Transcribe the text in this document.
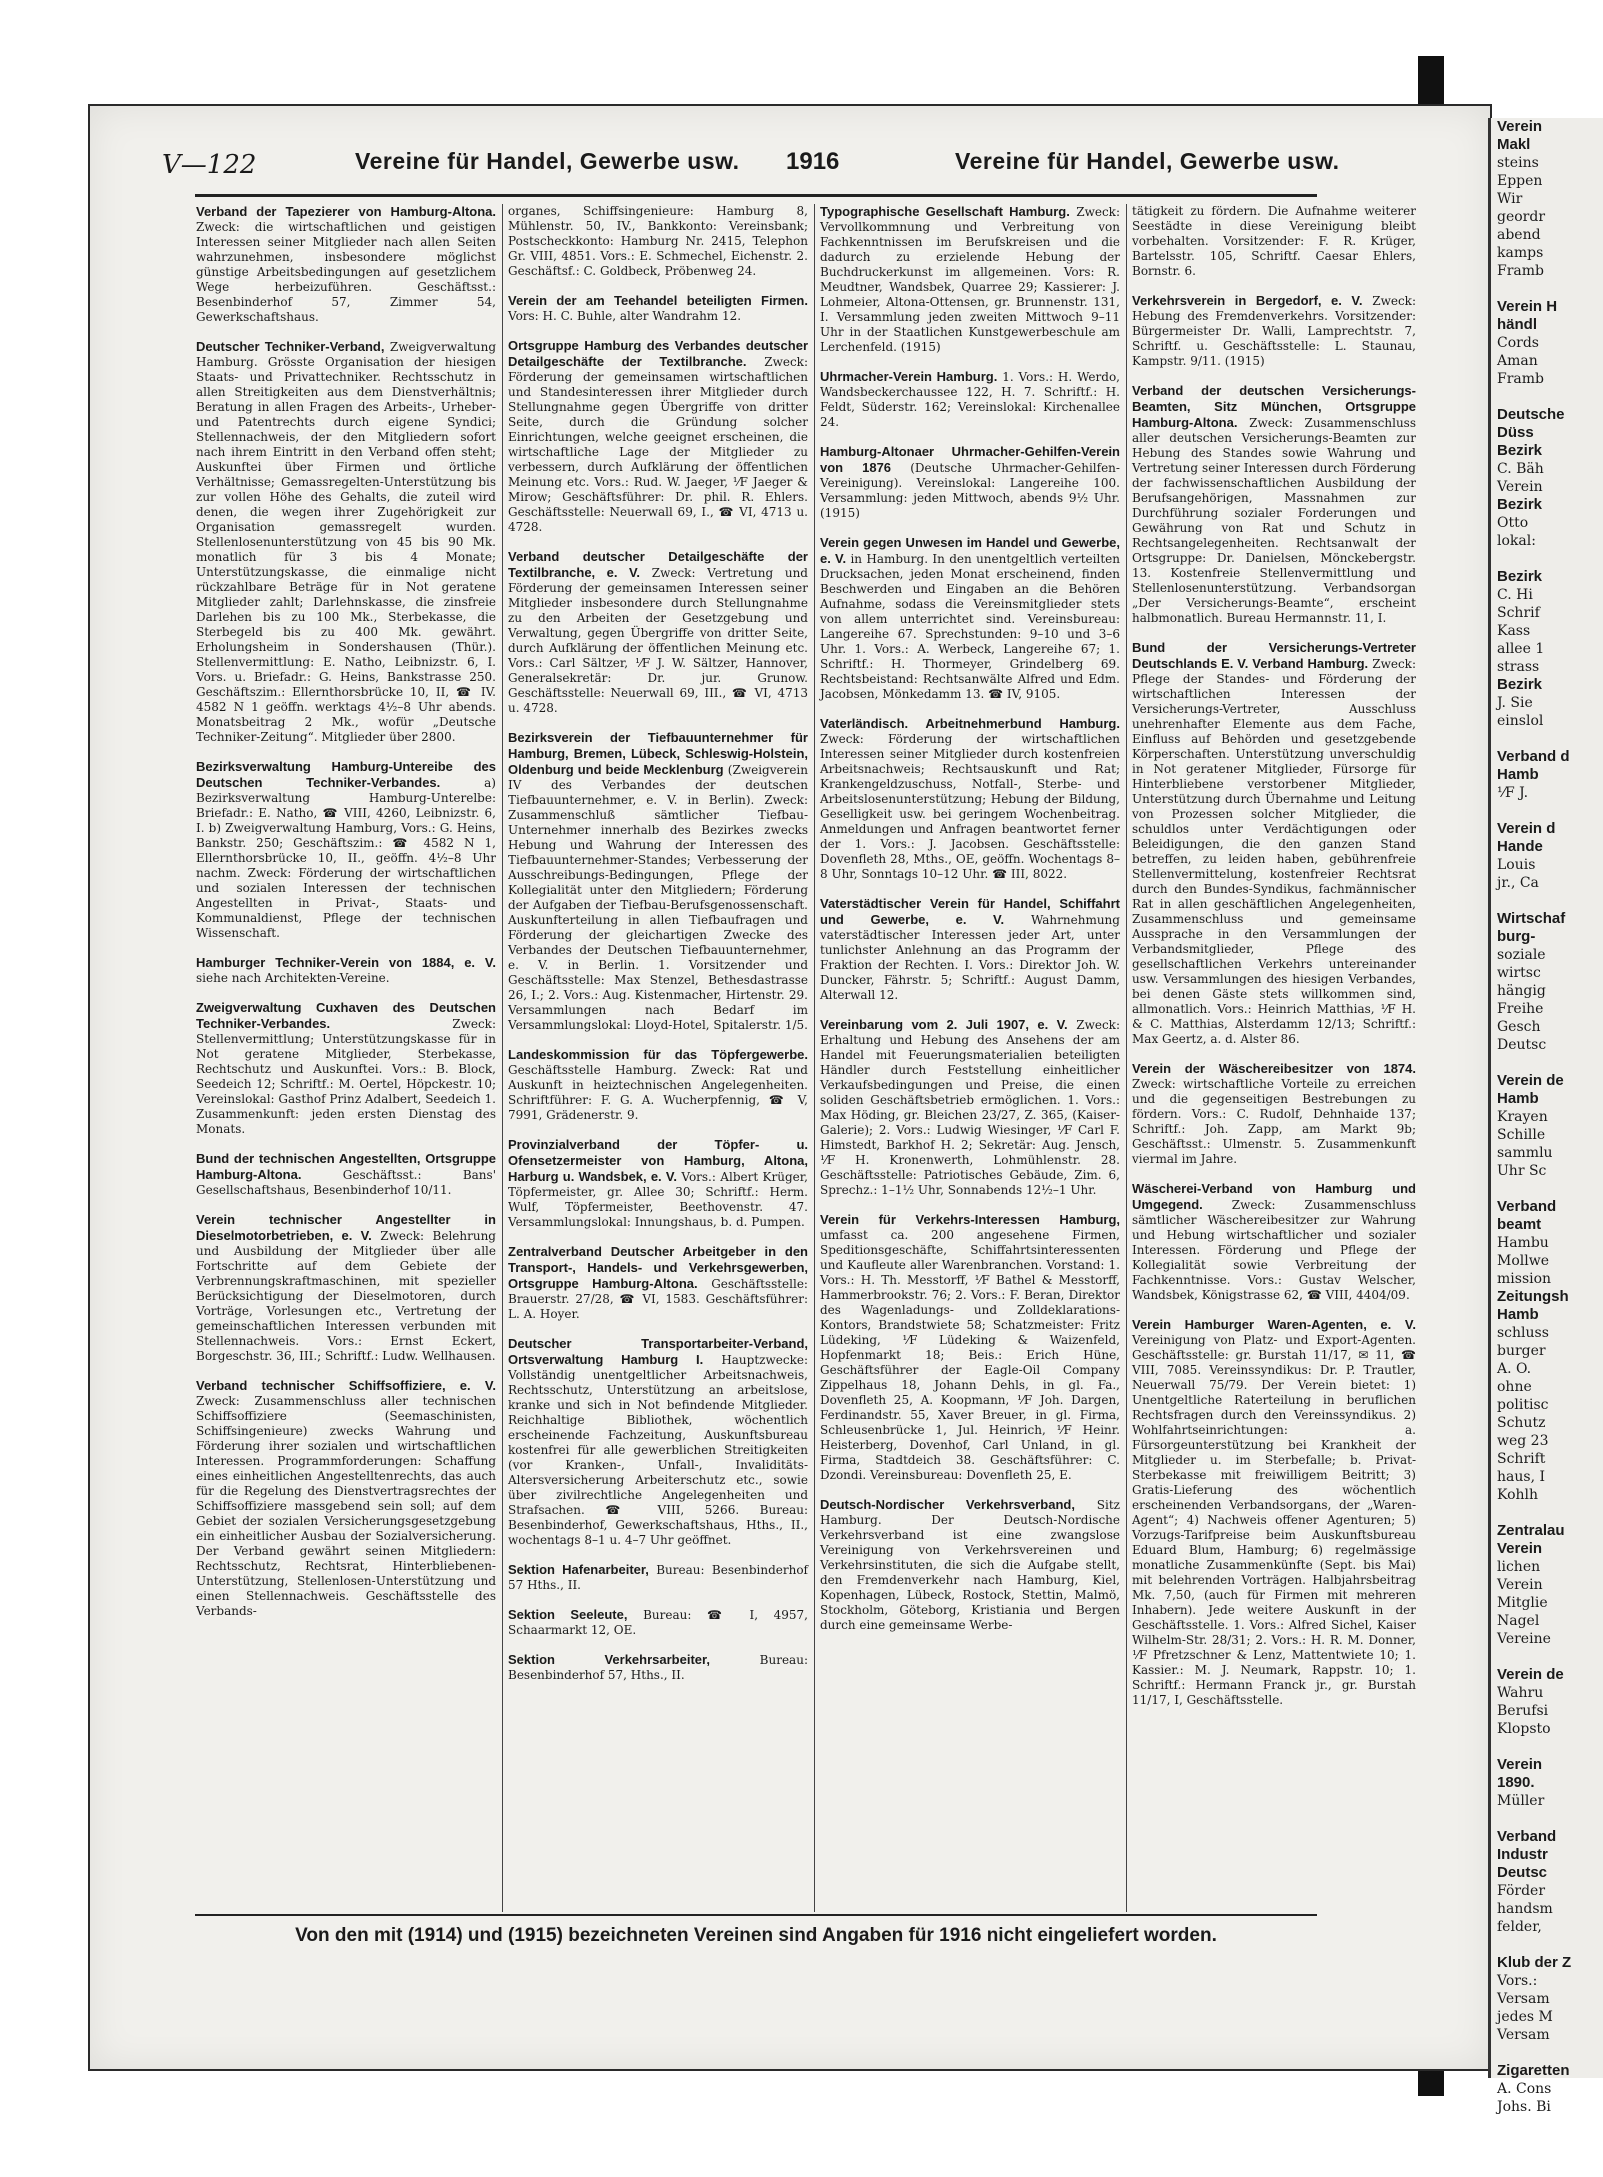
V—122	Vereine für Handel, Gewerbe usw. 1916	Vereine für Handel, Gewerbe usw.

Verband der Tapezierer von Hamburg-Altona. Zweck: die wirtschaftlichen und geistigen Interessen seiner Mitglieder nach allen Seiten wahrzunehmen, insbesondere möglichst günstige Arbeitsbedingungen auf gesetzlichem Wege herbeizuführen. Geschäftsst.: Besenbinderhof 57, Zimmer 54, Gewerkschaftshaus.

Deutscher Techniker-Verband, Zweigverwaltung Hamburg. Grösste Organisation der hiesigen Staats- und Privattechniker. Rechtsschutz in allen Streitigkeiten aus dem Dienstverhältnis; Beratung in allen Fragen des Arbeits-, Urheber- und Patentrechts durch eigene Syndici; Stellennachweis, der den Mitgliedern sofort nach ihrem Eintritt in den Verband offen steht; Auskunftei über Firmen und örtliche Verhältnisse; Gemassregelten-Unterstützung bis zur vollen Höhe des Gehalts, die zuteil wird denen, die wegen ihrer Zugehörigkeit zur Organisation gemassregelt wurden. Stellenlosenunterstützung von 45 bis 90 Mk. monatlich für 3 bis 4 Monate; Unterstützungskasse, die einmalige nicht rückzahlbare Beträge für in Not geratene Mitglieder zahlt; Darlehnskasse, die zinsfreie Darlehen bis zu 100 Mk., Sterbekasse, die Sterbegeld bis zu 400 Mk. gewährt. Erholungsheim in Sondershausen (Thür.). Stellenvermittlung: E. Natho, Leibnizstr. 6, I. Vors. u. Briefadr.: G. Heins, Bankstrasse 250. Geschäftszim.: Ellernthorsbrücke 10, II, ☎ IV. 4582 N 1 geöffn. werktags 4½–8 Uhr abends. Monatsbeitrag 2 Mk., wofür „Deutsche Techniker-Zeitung“. Mitglieder über 2800.

Bezirksverwaltung Hamburg-Untereibe des Deutschen Techniker-Verbandes.	a) Bezirksverwaltung Hamburg-Unterelbe: Briefadr.: E. Natho, ☎ VIII, 4260, Leibnizstr. 6, I. b) Zweigverwaltung Hamburg, Vors.: G. Heins, Bankstr. 250; Geschäftszim.: ☎ 4582 N 1, Ellernthorsbrücke 10, II., geöffn. 4½–8 Uhr nachm. Zweck: Förderung der wirtschaftlichen und sozialen Interessen der technischen Angestellten in Privat-, Staats- und Kommunaldienst, Pflege der technischen Wissenschaft.

Hamburger Techniker-Verein von 1884, e. V. siehe nach Architekten-Vereine.

Zweigverwaltung Cuxhaven des Deutschen Techniker-Verbandes.	Zweck: Stellenvermittlung; Unterstützungskasse für in Not geratene Mitglieder, Sterbekasse, Rechtschutz und Auskunftei. Vors.: B. Block, Seedeich 12; Schriftf.: M. Oertel, Höpckestr. 10; Vereinslokal: Gasthof Prinz Adalbert, Seedeich 1. Zusammenkunft: jeden ersten Dienstag des Monats.

Bund der technischen Angestellten, Ortsgruppe Hamburg-Altona.	Geschäftsst.: Bans' Gesellschaftshaus, Besenbinderhof 10/11.

Verein technischer Angestellter in Dieselmotorbetrieben, e. V. Zweck: Belehrung und Ausbildung der Mitglieder über alle Fortschritte auf dem Gebiete der Verbrennungskraftmaschinen, mit spezieller Berücksichtigung der Dieselmotoren, durch Vorträge, Vorlesungen etc., Vertretung der gemeinschaftlichen Interessen verbunden mit Stellennachweis. Vors.: Ernst Eckert, Borgeschstr. 36, III.; Schriftf.: Ludw. Wellhausen.

Verband technischer Schiffsoffiziere, e. V. Zweck: Zusammenschluss aller technischen Schiffsoffiziere (Seemaschinisten, Schiffsingenieure) zwecks Wahrung und Förderung ihrer sozialen und wirtschaftlichen Interessen. Programmforderungen: Schaffung eines einheitlichen Angestelltenrechts, das auch für die Regelung des Dienstvertragsrechtes der Schiffsoffiziere massgebend sein soll; auf dem Gebiet der sozialen Versicherungsgesetzgebung ein einheitlicher Ausbau der Sozialversicherung. Der Verband gewährt seinen Mitgliedern: Rechtsschutz, Rechtsrat, Hinterbliebenen-Unterstützung, Stellenlosen-Unterstützung und einen Stellennachweis. Geschäftsstelle des Verbands-

organes, Schiffsingenieure: Hamburg 8, Mühlenstr. 50, IV., Bankkonto: Vereinsbank; Postscheckkonto: Hamburg Nr. 2415, Telephon Gr. VIII, 4851. Vors.: E. Schmechel, Eichenstr. 2. Geschäftsf.: C. Goldbeck, Pröbenweg 24.

Verein der am Teehandel beteiligten Firmen. Vors: H. C. Buhle, alter Wandrahm 12.

Ortsgruppe Hamburg des Verbandes deutscher Detailgeschäfte der Textilbranche. Zweck: Förderung der gemeinsamen wirtschaftlichen und Standesinteressen ihrer Mitglieder durch Stellungnahme gegen Übergriffe von dritter Seite, durch die Gründung solcher Einrichtungen, welche geeignet erscheinen, die wirtschaftliche Lage der Mitglieder zu verbessern, durch Aufklärung der öffentlichen Meinung etc. Vors.: Rud. W. Jaeger, ⅟F Jaeger & Mirow; Geschäftsführer: Dr. phil. R. Ehlers. Geschäftsstelle: Neuerwall 69, I., ☎ VI, 4713 u. 4728.

Verband deutscher Detailgeschäfte der Textilbranche, e. V. Zweck: Vertretung und Förderung der gemeinsamen Interessen seiner Mitglieder insbesondere durch Stellungnahme zu den Arbeiten der Gesetzgebung und Verwaltung, gegen Übergriffe von dritter Seite, durch Aufklärung der öffentlichen Meinung etc. Vors.: Carl Sältzer, ⅟F J. W. Sältzer, Hannover, Generalsekretär: Dr. jur. Grunow. Geschäftsstelle: Neuerwall 69, III., ☎ VI, 4713 u. 4728.

Bezirksverein der Tiefbauunternehmer für Hamburg, Bremen, Lübeck, Schleswig-Holstein, Oldenburg und beide Mecklenburg (Zweigverein IV des Verbandes der deutschen Tiefbauunternehmer, e. V. in Berlin). Zweck: Zusammenschluß sämtlicher Tiefbau-Unternehmer innerhalb des Bezirkes zwecks Hebung und Wahrung der Interessen des Tiefbauunternehmer-Standes; Verbesserung der Ausschreibungs-Bedingungen, Pflege der Kollegialität unter den Mitgliedern; Förderung der Aufgaben der Tiefbau-Berufsgenossenschaft. Auskunfterteilung in allen Tiefbaufragen und Förderung der gleichartigen Zwecke des Verbandes der Deutschen Tiefbauunternehmer, e. V. in Berlin. 1. Vorsitzender und Geschäftsstelle: Max Stenzel, Bethesdastrasse 26, I.; 2. Vors.: Aug. Kistenmacher, Hirtenstr. 29. Versammlungen nach Bedarf im Versammlungslokal: Lloyd-Hotel, Spitalerstr. 1/5.

Landeskommission für das Töpfergewerbe. Geschäftsstelle Hamburg. Zweck: Rat und Auskunft in heiztechnischen Angelegenheiten. Schriftführer: F. G. A. Wucherpfennig, ☎ V, 7991, Grädenerstr. 9.

Provinzialverband der Töpfer- u. Ofensetzermeister von Hamburg, Altona, Harburg u. Wandsbek, e. V. Vors.: Albert Krüger, Töpfermeister, gr. Allee 30; Schriftf.: Herm. Wulf, Töpfermeister, Beethovenstr. 47. Versammlungslokal: Innungshaus, b. d. Pumpen.

Zentralverband Deutscher Arbeitgeber in den Transport-, Handels- und Verkehrsgewerben, Ortsgruppe Hamburg-Altona. Geschäftsstelle: Brauerstr. 27/28, ☎ VI, 1583. Geschäftsführer: L. A. Hoyer.

Deutscher Transportarbeiter-Verband, Ortsverwaltung Hamburg I. Hauptzwecke: Vollständig unentgeltlicher Arbeitsnachweis, Rechtsschutz, Unterstützung an arbeitslose, kranke und sich in Not befindende Mitglieder. Reichhaltige Bibliothek, wöchentlich erscheinende Fachzeitung, Auskunftsbureau kostenfrei für alle gewerblichen Streitigkeiten (vor Kranken-, Unfall-, Invaliditäts-Altersversicherung Arbeiterschutz etc., sowie über zivilrechtliche Angelegenheiten und Strafsachen. ☎ VIII, 5266. Bureau: Besenbinderhof, Gewerkschaftshaus, Hths., II., wochentags 8–1 u. 4–7 Uhr geöffnet.

Sektion Hafenarbeiter, Bureau: Besenbinderhof 57 Hths., II.

Sektion Seeleute, Bureau: ☎ I, 4957, Schaarmarkt 12, OE.

Sektion Verkehrsarbeiter,	Bureau: Besenbinderhof 57, Hths., II.

Typographische Gesellschaft Hamburg. Zweck: Vervollkommnung und Verbreitung von Fachkenntnissen im Berufskreisen und die dadurch zu erzielende Hebung der Buchdruckerkunst im allgemeinen. Vors: R. Meudtner, Wandsbek, Quarree 29; Kassierer: J. Lohmeier, Altona-Ottensen, gr. Brunnenstr. 131, I. Versammlung jeden zweiten Mittwoch 9–11 Uhr in der Staatlichen Kunstgewerbeschule am Lerchenfeld. (1915)

Uhrmacher-Verein Hamburg. 1. Vors.: H. Werdo, Wandsbeckerchaussee 122, H. 7. Schriftf.: H. Feldt, Süderstr. 162; Vereinslokal: Kirchenallee 24.

Hamburg-Altonaer Uhrmacher-Gehilfen-Verein von 1876 (Deutsche Uhrmacher-Gehilfen-Vereinigung). Vereinslokal: Langereihe 100. Versammlung: jeden Mittwoch, abends 9½ Uhr. (1915)

Verein gegen Unwesen im Handel und Gewerbe, e. V. in Hamburg. In den unentgeltlich verteilten Drucksachen, jeden Monat erscheinend, finden Beschwerden und Eingaben an die Behören Aufnahme, sodass die Vereinsmitglieder stets von allem unterrichtet sind. Vereinsbureau: Langereihe 67. Sprechstunden: 9–10 und 3–6 Uhr. 1. Vors.: A. Werbeck, Langereihe 67; 1. Schriftf.: H. Thormeyer, Grindelberg 69. Rechtsbeistand: Rechtsanwälte Alfred und Edm. Jacobsen, Mönkedamm 13. ☎ IV, 9105.

Vaterländisch. Arbeitnehmerbund Hamburg. Zweck: Förderung der wirtschaftlichen Interessen seiner Mitglieder durch kostenfreien Arbeitsnachweis; Rechtsauskunft und Rat; Krankengeldzuschuss, Notfall-, Sterbe- und Arbeitslosenunterstützung; Hebung der Bildung, Geselligkeit usw. bei geringem Wochenbeitrag. Anmeldungen und Anfragen beantwortet ferner der 1. Vors.: J. Jacobsen. Geschäftsstelle: Dovenfleth 28, Mths., OE, geöffn. Wochentags 8–8 Uhr, Sonntags 10–12 Uhr. ☎ III, 8022.

Vaterstädtischer Verein für Handel, Schiffahrt und Gewerbe, e. V. Wahrnehmung vaterstädtischer Interessen jeder Art, unter tunlichster Anlehnung an das Programm der Fraktion der Rechten. I. Vors.: Direktor Joh. W. Duncker, Fährstr. 5; Schriftf.: August Damm, Alterwall 12.

Vereinbarung vom 2. Juli 1907, e. V. Zweck: Erhaltung und Hebung des Ansehens der am Handel mit Feuerungsmaterialien beteiligten Händler durch Feststellung einheitlicher Verkaufsbedingungen und Preise, die einen soliden Geschäftsbetrieb ermöglichen. 1. Vors.: Max Höding, gr. Bleichen 23/27, Z. 365, (Kaiser-Galerie); 2. Vors.: Ludwig Wiesinger, ⅟F Carl F. Himstedt, Barkhof H. 2; Sekretär: Aug. Jensch, ⅟F H. Kronenwerth, Lohmühlenstr. 28. Geschäftsstelle: Patriotisches Gebäude, Zim. 6, Sprechz.: 1–1½ Uhr, Sonnabends 12½–1 Uhr.

Verein für Verkehrs-Interessen Hamburg, umfasst ca. 200 angesehene Firmen, Speditionsgeschäfte, Schiffahrtsinteressenten und Kaufleute aller Warenbranchen. Vorstand: 1. Vors.: H. Th. Messtorff, ⅟F Bathel & Messtorff, Hammerbrookstr. 76; 2. Vors.: F. Beran, Direktor des Wagenladungs- und Zolldeklarations-Kontors, Brandstwiete 58; Schatzmeister: Fritz Lüdeking, ⅟F Lüdeking & Waizenfeld, Hopfenmarkt 18; Beis.: Erich Hüne, Geschäftsführer der Eagle-Oil Company Zippelhaus 18, Johann Dehls, in gl. Fa., Dovenfleth 25, A. Koopmann, ⅟F Joh. Dargen, Ferdinandstr. 55, Xaver Breuer, in gl. Firma, Schleusenbrücke 1, Jul. Heinrich, ⅟F Heinr. Heisterberg, Dovenhof, Carl Unland, in gl. Firma, Stadtdeich 38. Geschäftsführer: C. Dzondi. Vereinsbureau: Dovenfleth 25, E.

Deutsch-Nordischer Verkehrsverband, Sitz Hamburg. Der Deutsch-Nordische Verkehrsverband ist eine zwangslose Vereinigung von Verkehrsvereinen und Verkehrsinstituten, die sich die Aufgabe stellt, den Fremdenverkehr nach Hamburg, Kiel, Kopenhagen, Lübeck, Rostock, Stettin, Malmö, Stockholm, Göteborg, Kristiania und Bergen durch eine gemeinsame Werbe-

tätigkeit zu fördern. Die Aufnahme weiterer Seestädte in diese Vereinigung bleibt vorbehalten. Vorsitzender: F. R. Krüger, Bartelsstr. 105, Schriftf. Caesar Ehlers, Bornstr. 6.

Verkehrsverein in Bergedorf, e. V. Zweck: Hebung des Fremdenverkehrs. Vorsitzender: Bürgermeister Dr. Walli, Lamprechtstr. 7, Schriftf. u. Geschäftsstelle: L. Staunau, Kampstr. 9/11. (1915)

Verband der deutschen Versicherungs-Beamten, Sitz München, Ortsgruppe Hamburg-Altona. Zweck: Zusammenschluss aller deutschen Versicherungs-Beamten zur Hebung des Standes sowie Wahrung und Vertretung seiner Interessen durch Förderung der fachwissenschaftlichen Ausbildung der Berufsangehörigen, Massnahmen zur Durchführung sozialer Forderungen und Gewährung von Rat und Schutz in Rechtsangelegenheiten. Rechtsanwalt der Ortsgruppe: Dr. Danielsen, Mönckebergstr. 13. Kostenfreie Stellenvermittlung und Stellenlosenunterstützung. Verbandsorgan „Der Versicherungs-Beamte“, erscheint halbmonatlich. Bureau Hermannstr. 11, I.

Bund der Versicherungs-Vertreter Deutschlands E. V. Verband Hamburg. Zweck: Pflege der Standes- und Förderung der wirtschaftlichen Interessen der Versicherungs-Vertreter, Ausschluss unehrenhafter Elemente aus dem Fache, Einfluss auf Behörden und gesetzgebende Körperschaften. Unterstützung unverschuldig in Not geratener Mitglieder, Fürsorge für Hinterbliebene verstorbener Mitglieder, Unterstützung durch Übernahme und Leitung von Prozessen solcher Mitglieder, die schuldlos unter Verdächtigungen oder Beleidigungen, die den ganzen Stand betreffen, zu leiden haben, gebührenfreie Stellenvermittelung, kostenfreier Rechtsrat durch den Bundes-Syndikus, fachmännischer Rat in allen geschäftlichen Angelegenheiten, Zusammenschluss und gemeinsame Aussprache in den Versammlungen der Verbandsmitglieder, Pflege des gesellschaftlichen Verkehrs untereinander usw. Versammlungen des hiesigen Verbandes, bei denen Gäste stets willkommen sind, allmonatlich. Vors.: Heinrich Matthias, ⅟F H. & C. Matthias, Alsterdamm 12/13; Schriftf.: Max Geertz, a. d. Alster 86.

Verein der Wäschereibesitzer von 1874. Zweck: wirtschaftliche Vorteile zu erreichen und die gegenseitigen Bestrebungen zu fördern. Vors.: C. Rudolf, Dehnhaide 137; Schriftf.: Joh. Zapp, am Markt 9b; Geschäftsst.: Ulmenstr. 5. Zusammenkunft viermal im Jahre.

Wäscherei-Verband von Hamburg und Umgegend. Zweck: Zusammenschluss sämtlicher Wäschereibesitzer zur Wahrung und Hebung wirtschaftlicher und sozialer Interessen. Förderung und Pflege der Kollegialität sowie Verbreitung der Fachkenntnisse. Vors.: Gustav Welscher, Wandsbek, Königstrasse 62, ☎ VIII, 4404/09.

Verein Hamburger Waren-Agenten, e. V. Vereinigung von Platz- und Export-Agenten. Geschäftsstelle: gr. Burstah 11/17, ✉ 11, ☎ VIII, 7085. Vereinssyndikus: Dr. P. Trautler, Neuerwall 75/79. Der Verein bietet: 1) Unentgeltliche Raterteilung in beruflichen Rechtsfragen durch den Vereinssyndikus. 2) Wohlfahrtseinrichtungen: a. Fürsorgeunterstützung bei Krankheit der Mitglieder u. im Sterbefalle; b. Privat-Sterbekasse mit freiwilligem Beitritt; 3) Gratis-Lieferung des wöchentlich erscheinenden Verbandsorgans, der „Waren-Agent“; 4) Nachweis offener Agenturen; 5) Vorzugs-Tarifpreise beim Auskunftsbureau Eduard Blum, Hamburg; 6) regelmässige monatliche Zusammenkünfte (Sept. bis Mai) mit belehrenden Vorträgen. Halbjahrsbeitrag Mk. 7,50, (auch für Firmen mit mehreren Inhabern). Jede weitere Auskunft in der Geschäftsstelle. 1. Vors.: Alfred Sichel, Kaiser Wilhelm-Str. 28/31; 2. Vors.: H. R. M. Donner, ⅟F Pfretzschner & Lenz, Mattentwiete 10; 1. Kassier.: M. J. Neumark, Rappstr. 10; 1. Schriftf.: Hermann Franck jr., gr. Burstah 11/17, I, Geschäftsstelle.

Von den mit (1914) und (1915) bezeichneten Vereinen sind Angaben für 1916 nicht eingeliefert worden.
Verein
Makl
steins
Eppen
Wir
geordr
abend
kamps
Framb
Verein H
händl
Cords
Aman
Framb
Deutsche
Düss
Bezirk
C. Bäh
Verein
Bezirk
Otto
lokal:
Bezirk
C. Hi
Schrif
Kass
allee 1
strass
Bezirk
J. Sie
einslol
Verband d
Hamb
⅟F J.
Verein d
Hande
Louis
jr., Ca
Wirtschaf
burg-
soziale
wirtsc
hängig
Freihe
Gesch
Deutsc
Verein de
Hamb
Krayen
Schille
sammlu
Uhr Sc
Verband
beamt
Hambu
Mollwe
mission
Zeitungsh
Hamb
schluss
burger
A. O.
ohne
politisc
Schutz
weg 23
Schrift
haus, I
Kohlh
Zentralau
Verein
lichen
Verein
Mitglie
Nagel
Vereine
Verein de
Wahru
Berufsi
Klopsto
Verein
1890.
Müller
Verband
Industr
Deutsc
Förder
handsm
felder,
Klub der Z
Vors.:
Versam
jedes M
Versam
Zigaretten
A. Cons
Johs. Bi
